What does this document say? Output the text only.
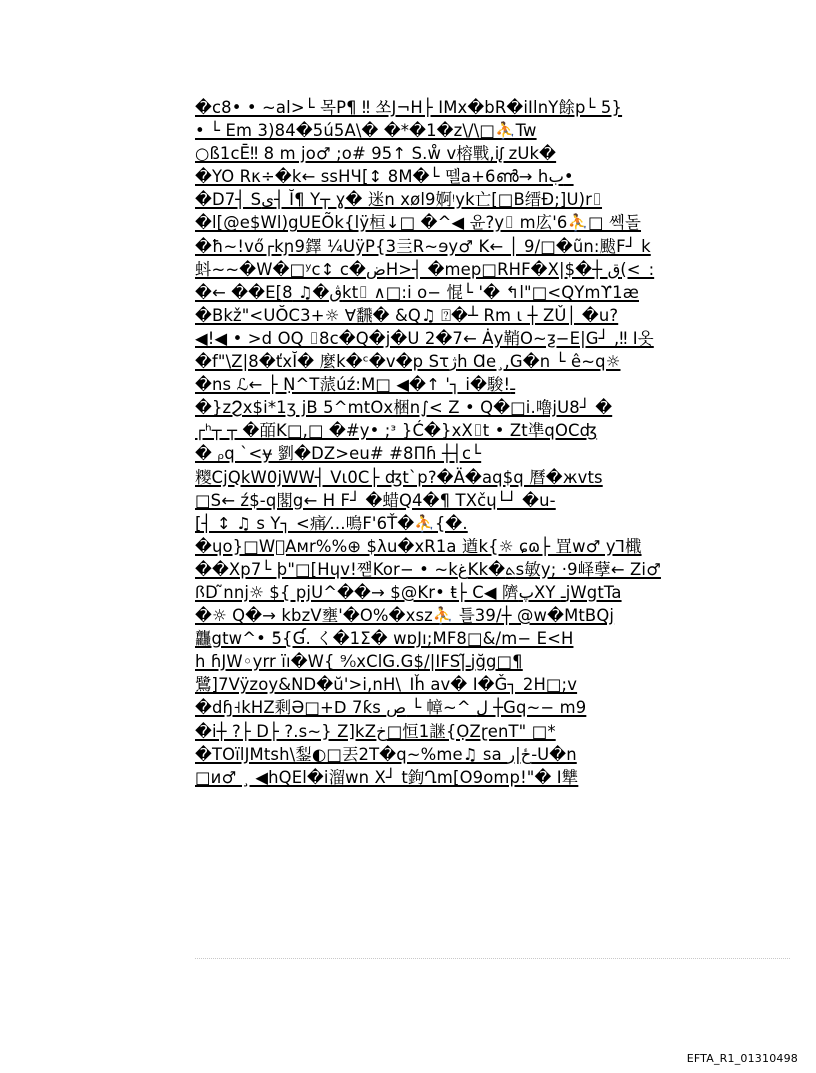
�c8• • ~al>└ 목P¶ ‼ 쏘J¬H├ IMx�bR�iIlnY餘p└ 5}
• └ Em 3)84�5ú5A\� �*�1�z\/\□⛹Tw
○ß1cĒ‼ 8 m ϳo♂ ;o# 95↑ S.ẘ v榕戰,iᶘ zUk�
�YO Rκ÷�k← ssHЧ[↕ 8M�└ 뗄a+6ൺ→ hب•
�D7┤ Sى┤ Ĭ¶ Y┬ ɣ� 迷n xøl9婀ᵎyk亡[□B缙Đ;]U)r⌷
�l[@e$Wl)gUEÕk{lÿ桓↓□ �^◀ 윤?y⌷ m庅'6⛹□ 쎅돌
�ħ~!vő┌kɲ9鐸 ¼UÿP{3亖R~ɘy♂ K← │ 9/□�ũn:颰F┘ k
蚪~~�W�□ʸc↕ c�ضH>┤ �mep□RHF�X|$�┼ ق(<_:
�← ��E[ڨ�♫ 8kt⌷ ∧□:i o− 惃└ '� ↰l"□<QYmϒ1æ
�Bkž"<UŎC3+☼ ∀飜� &Q♫ ⍰�┴ Rm ι ┼ ZǓ│ �u?
◀!◀ • >d OQ ⌷8c�Q�j�U 2�7← Ȧy鞘O~ƺ−E|G┘ ,‼ I옷
�f"\Z|8�ťxĬ� 麼k�ᶜ�v�p Sτژh Ɑe¸,G�n └ ê~q☼
�ns ℒ← ├ Ṇ^T蒎úź:M□ ◀�↑ '┐ i�駿!ـ
�}zϨx$i*1ʒ ϳB 5^mtOx梱n∫< Z • Q�□i.嚕jU8┘ �
┌ʰ┬ ┬ �皕K□,□ �#y• ;ᵌ }Ć�}xX⌷t • Zt凖qOCʤ
� ᵨq `<ɏ 劉�DZ>eu# #8Πɦ ┼┤c└
糭CjQkW0jWW┤ Vι0C├ ʤt`p?�Ä�aq$q 曆�жvts
□S← ź$-q閣g← H F┘ �蜡Q4�¶ TXčɥ└┘ �u-
[┤ ↕ ♫ s Y┐ <痛⁄…鳴F'6Ť�⛹{�.
�ɥo}□W⃝Aмr%%⊕ $λu�xR1a 遒k{☼ ɕɷ├ 罝w♂ y⅂檝
��Xp7└ þ"□[Hɥv!쨷Kor− • ~kغKk�ܬs敏y; ·9峄孽← Zi♂
ꟗD ̃nnj☼ ${ pjU^��→ $@Kr• ŧ├ C◀ 隮پXY ـjWgtTa
�☼ Q�→ kbzV壅'�O%�xsz⛹ 틀39/┼ @w�MtBQj
龘gtw^• ֿ5{Ɠ. く�1Σ� wɒJı;MF8□&/m− E<H
h ɦJW◦yrr ïı�W{ ⁹⁄₀xClG.G$/|IFS|ـ̃jğg□¶
鷺]7Vÿzoy&ND�ŭ'>i,nH\_Iȟ av� I�Ǧ┐ 2H□;v
�dɧ˧kHZ剩Ə□+ᗞ 7ƙs ص └ 幛~^ ل ┼Gq~− m9
�i┼ ?├ D├ ?.s~} Z]kZخ□恒1䛧{ỌZɽenT" □*
�TOïlJMtsh\鋫◐□丟2T�q~%me♫ sa ځ|ر‐U�n
□ᴎ♂ ¸ ◀hQEl�i溜wn X┘ t鉤Ղm[O9omp!"� I犨
EFTA_R1_01310498
